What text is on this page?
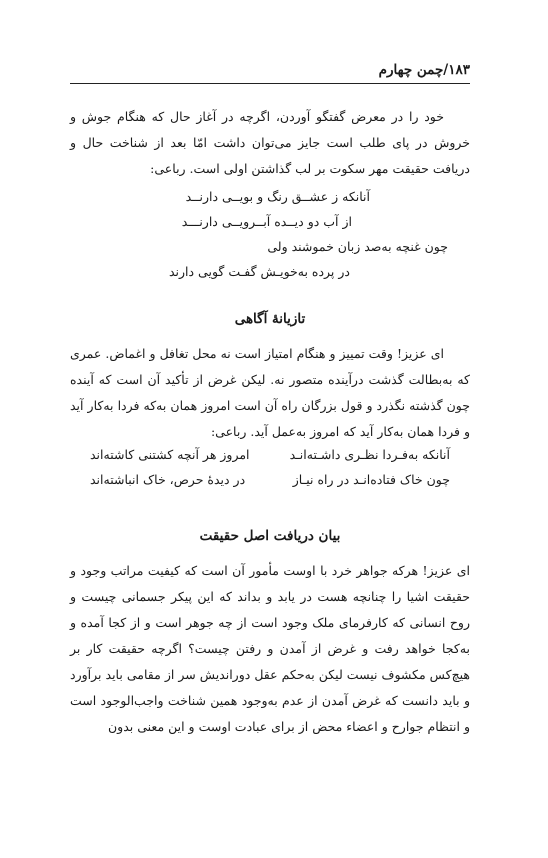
۱۸۳/چمن چهارم

خود را در معرض گفتگو آوردن، اگرچه در آغاز حال که هنگام جوش و خروش در پای طلب است جایز می‌توان داشت امّا بعد از شناخت حال و دریافت حقیقت مهر سکوت بر لب گذاشتن اولی است. رباعی:

آنانکه ز عشــق رنگ و بویــی دارنــد
از آب دو دیــده آبــرویــی دارنـــد
چون غنچه به‌صد زبان خموشند ولی
در پرده به‌خویـش گفـت گویی دارند
تازیانهٔ آگاهی

ای عزیز! وقت تمییز و هنگام امتیاز است نه محل تغافل و اغماض. عمری که به‌بطالت گذشت درآینده متصور نه. لیکن غرض از تأکید آن است که آینده چون گذشته نگذرد و قول بزرگان راه آن است امروز همان به‌که فردا به‌کار آید و فردا همان به‌کار آید که امروز به‌عمل آید. رباعی:

آنانکه به‌فـردا نظـری داشـته‌انـد
امروز هر آنچه کشتنی کاشته‌اند
چون خاک فتاده‌انـد در راه نیـاز
در دیدهٔ حرص، خاک انباشته‌اند
بیان دریافت اصل حقیقت

ای عزیز! هرکه جواهر خرد با اوست مأمور آن است که کیفیت مراتب وجود و حقیقت اشیا را چنانچه هست در یابد و بداند که این پیکر جسمانی چیست و روح انسانی که کارفرمای ملک وجود است از چه جوهر است و از کجا آمده و به‌کجا خواهد رفت و غرض از آمدن و رفتن چیست؟ اگرچه حقیقت کار بر هیچ‌کس مکشوف نیست لیکن به‌حکم عقل دوراندیش سر از مقامی باید برآورد و باید دانست که غرض آمدن از عدم به‌وجود همین شناخت واجب‌الوجود است و انتظام جوارح و اعضاء محض از برای عبادت اوست و این معنی بدون
